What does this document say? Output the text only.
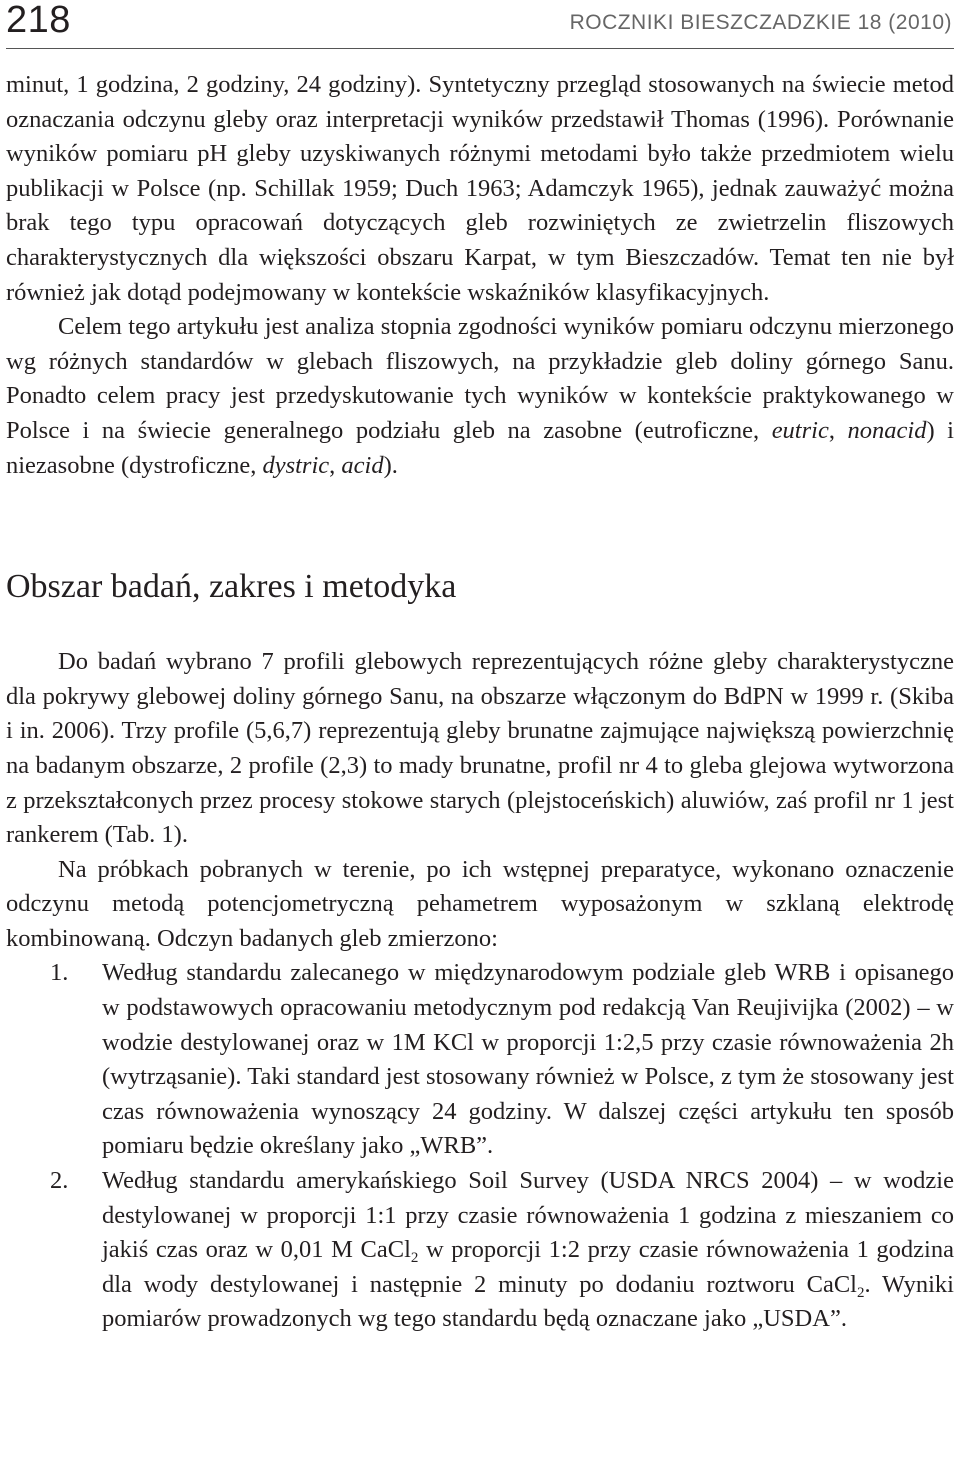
218	ROCZNIKI BIESZCZADZKIE 18 (2010)

minut, 1 godzina, 2 godziny, 24 godziny). Syntetyczny przegląd stosowanych na świecie metod oznaczania odczynu gleby oraz interpretacji wyników przedstawił Thomas (1996). Porównanie wyników pomiaru pH gleby uzyskiwanych różnymi metodami było także przedmiotem wielu publikacji w Polsce (np. Schillak 1959; Duch 1963; Adamczyk 1965), jednak zauważyć można brak tego typu opracowań dotyczących gleb rozwiniętych ze zwietrzelin fliszowych charakterystycznych dla większości obszaru Karpat, w tym Bieszczadów. Temat ten nie był również jak dotąd podejmowany w kontekście wskaźników klasyfikacyjnych.

Celem tego artykułu jest analiza stopnia zgodności wyników pomiaru odczynu mierzonego wg różnych standardów w glebach fliszowych, na przykładzie gleb doliny górnego Sanu. Ponadto celem pracy jest przedyskutowanie tych wyników w kontekście praktykowanego w Polsce i na świecie generalnego podziału gleb na zasobne (eutroficzne, eutric, nonacid) i niezasobne (dystroficzne, dystric, acid).

Obszar badań, zakres i metodyka

Do badań wybrano 7 profili glebowych reprezentujących różne gleby charakterystyczne dla pokrywy glebowej doliny górnego Sanu, na obszarze włączonym do BdPN w 1999 r. (Skiba i in. 2006). Trzy profile (5,6,7) reprezentują gleby brunatne zajmujące największą powierzchnię na badanym obszarze, 2 profile (2,3) to mady brunatne, profil nr 4 to gleba glejowa wytworzona z przekształconych przez procesy stokowe starych (plejstoceńskich) aluwiów, zaś profil nr 1 jest rankerem (Tab. 1).

Na próbkach pobranych w terenie, po ich wstępnej preparatyce, wykonano oznaczenie odczynu metodą potencjometryczną pehametrem wyposażonym w szklaną elektrodę kombinowaną. Odczyn badanych gleb zmierzono:

1. Według standardu zalecanego w międzynarodowym podziale gleb WRB i opisanego w podstawowych opracowaniu metodycznym pod redakcją Van Reujivijka (2002) – w wodzie destylowanej oraz w 1M KCl w proporcji 1:2,5 przy czasie równoważenia 2h (wytrząsanie). Taki standard jest stosowany również w Polsce, z tym że stosowany jest czas równoważenia wynoszący 24 godziny. W dalszej części artykułu ten sposób pomiaru będzie określany jako „WRB”.
2. Według standardu amerykańskiego Soil Survey (USDA NRCS 2004) – w wodzie destylowanej w proporcji 1:1 przy czasie równoważenia 1 godzina z mieszaniem co jakiś czas oraz w 0,01 M CaCl$_2$ w proporcji 1:2 przy czasie równoważenia 1 godzina dla wody destylowanej i następnie 2 minuty po dodaniu roztworu CaCl$_2$. Wyniki pomiarów prowadzonych wg tego standardu będą oznaczane jako „USDA”.
